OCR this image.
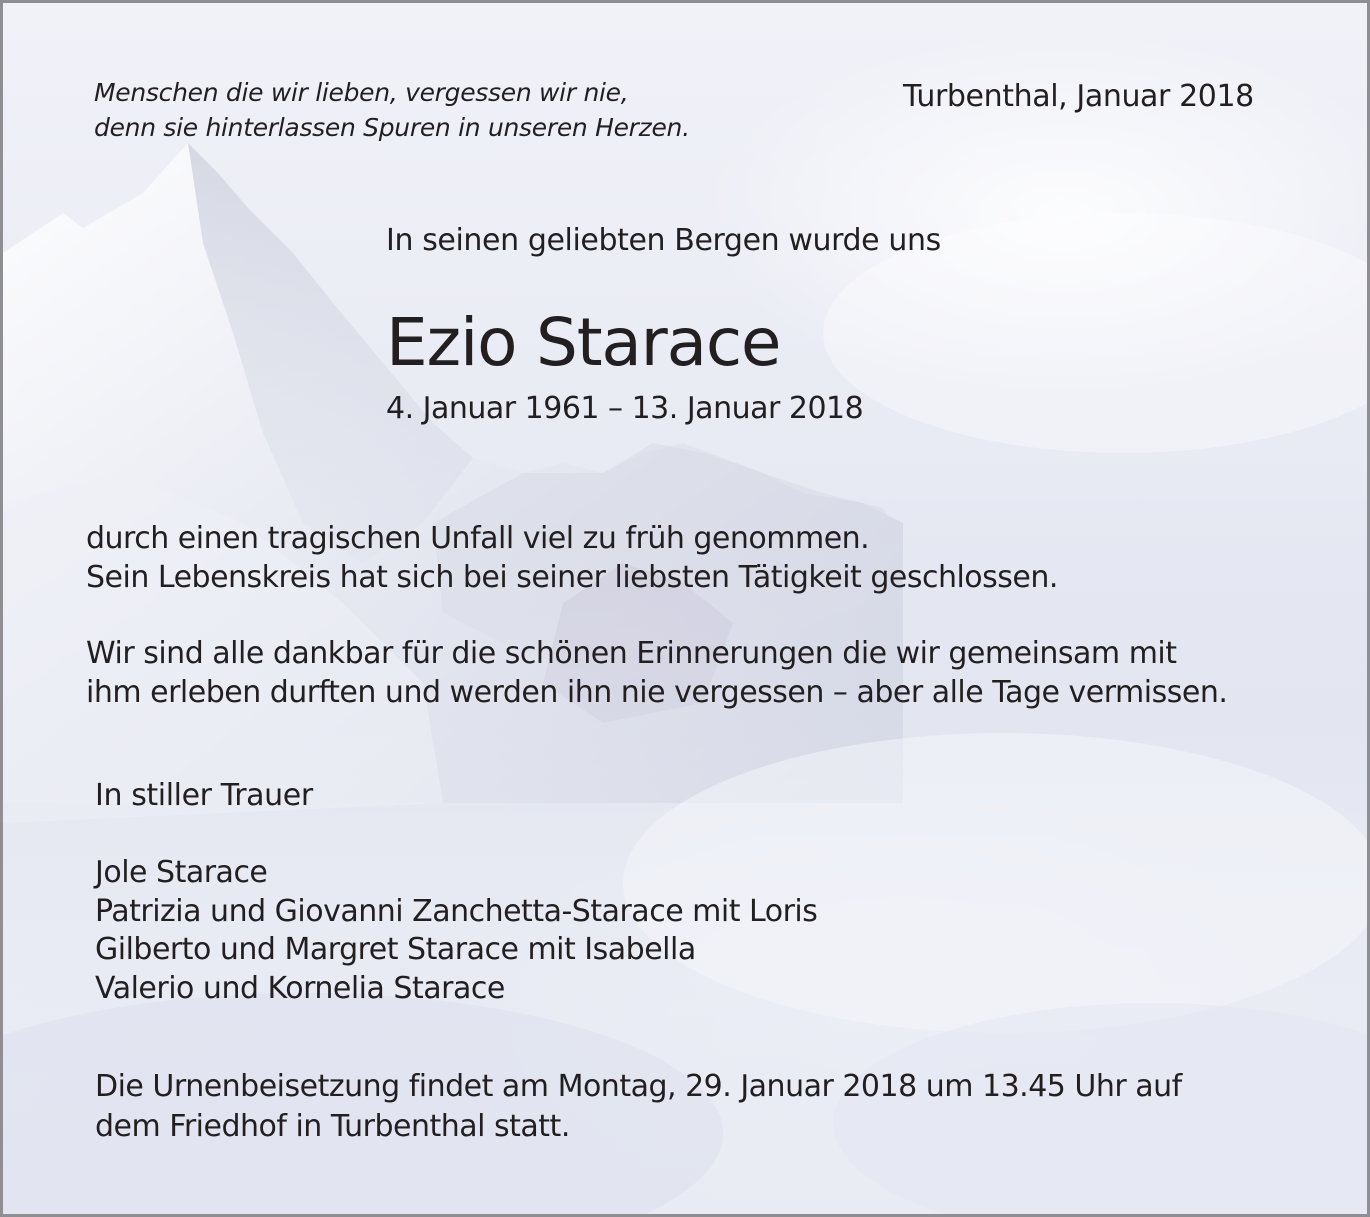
Menschen die wir lieben, vergessen wir nie,
denn sie hinterlassen Spuren in unseren Herzen.
Turbenthal, Januar 2018
In seinen geliebten Bergen wurde uns
Ezio Starace
4. Januar 1961 – 13. Januar 2018
durch einen tragischen Unfall viel zu früh genommen.
Sein Lebenskreis hat sich bei seiner liebsten Tätigkeit geschlossen.
Wir sind alle dankbar für die schönen Erinnerungen die wir gemeinsam mit
ihm erleben durften und werden ihn nie vergessen – aber alle Tage vermissen.
In stiller Trauer
Jole Starace
Patrizia und Giovanni Zanchetta-Starace mit Loris
Gilberto und Margret Starace mit Isabella
Valerio und Kornelia Starace
Die Urnenbeisetzung findet am Montag, 29. Januar 2018 um 13.45 Uhr auf
dem Friedhof in Turbenthal statt.
